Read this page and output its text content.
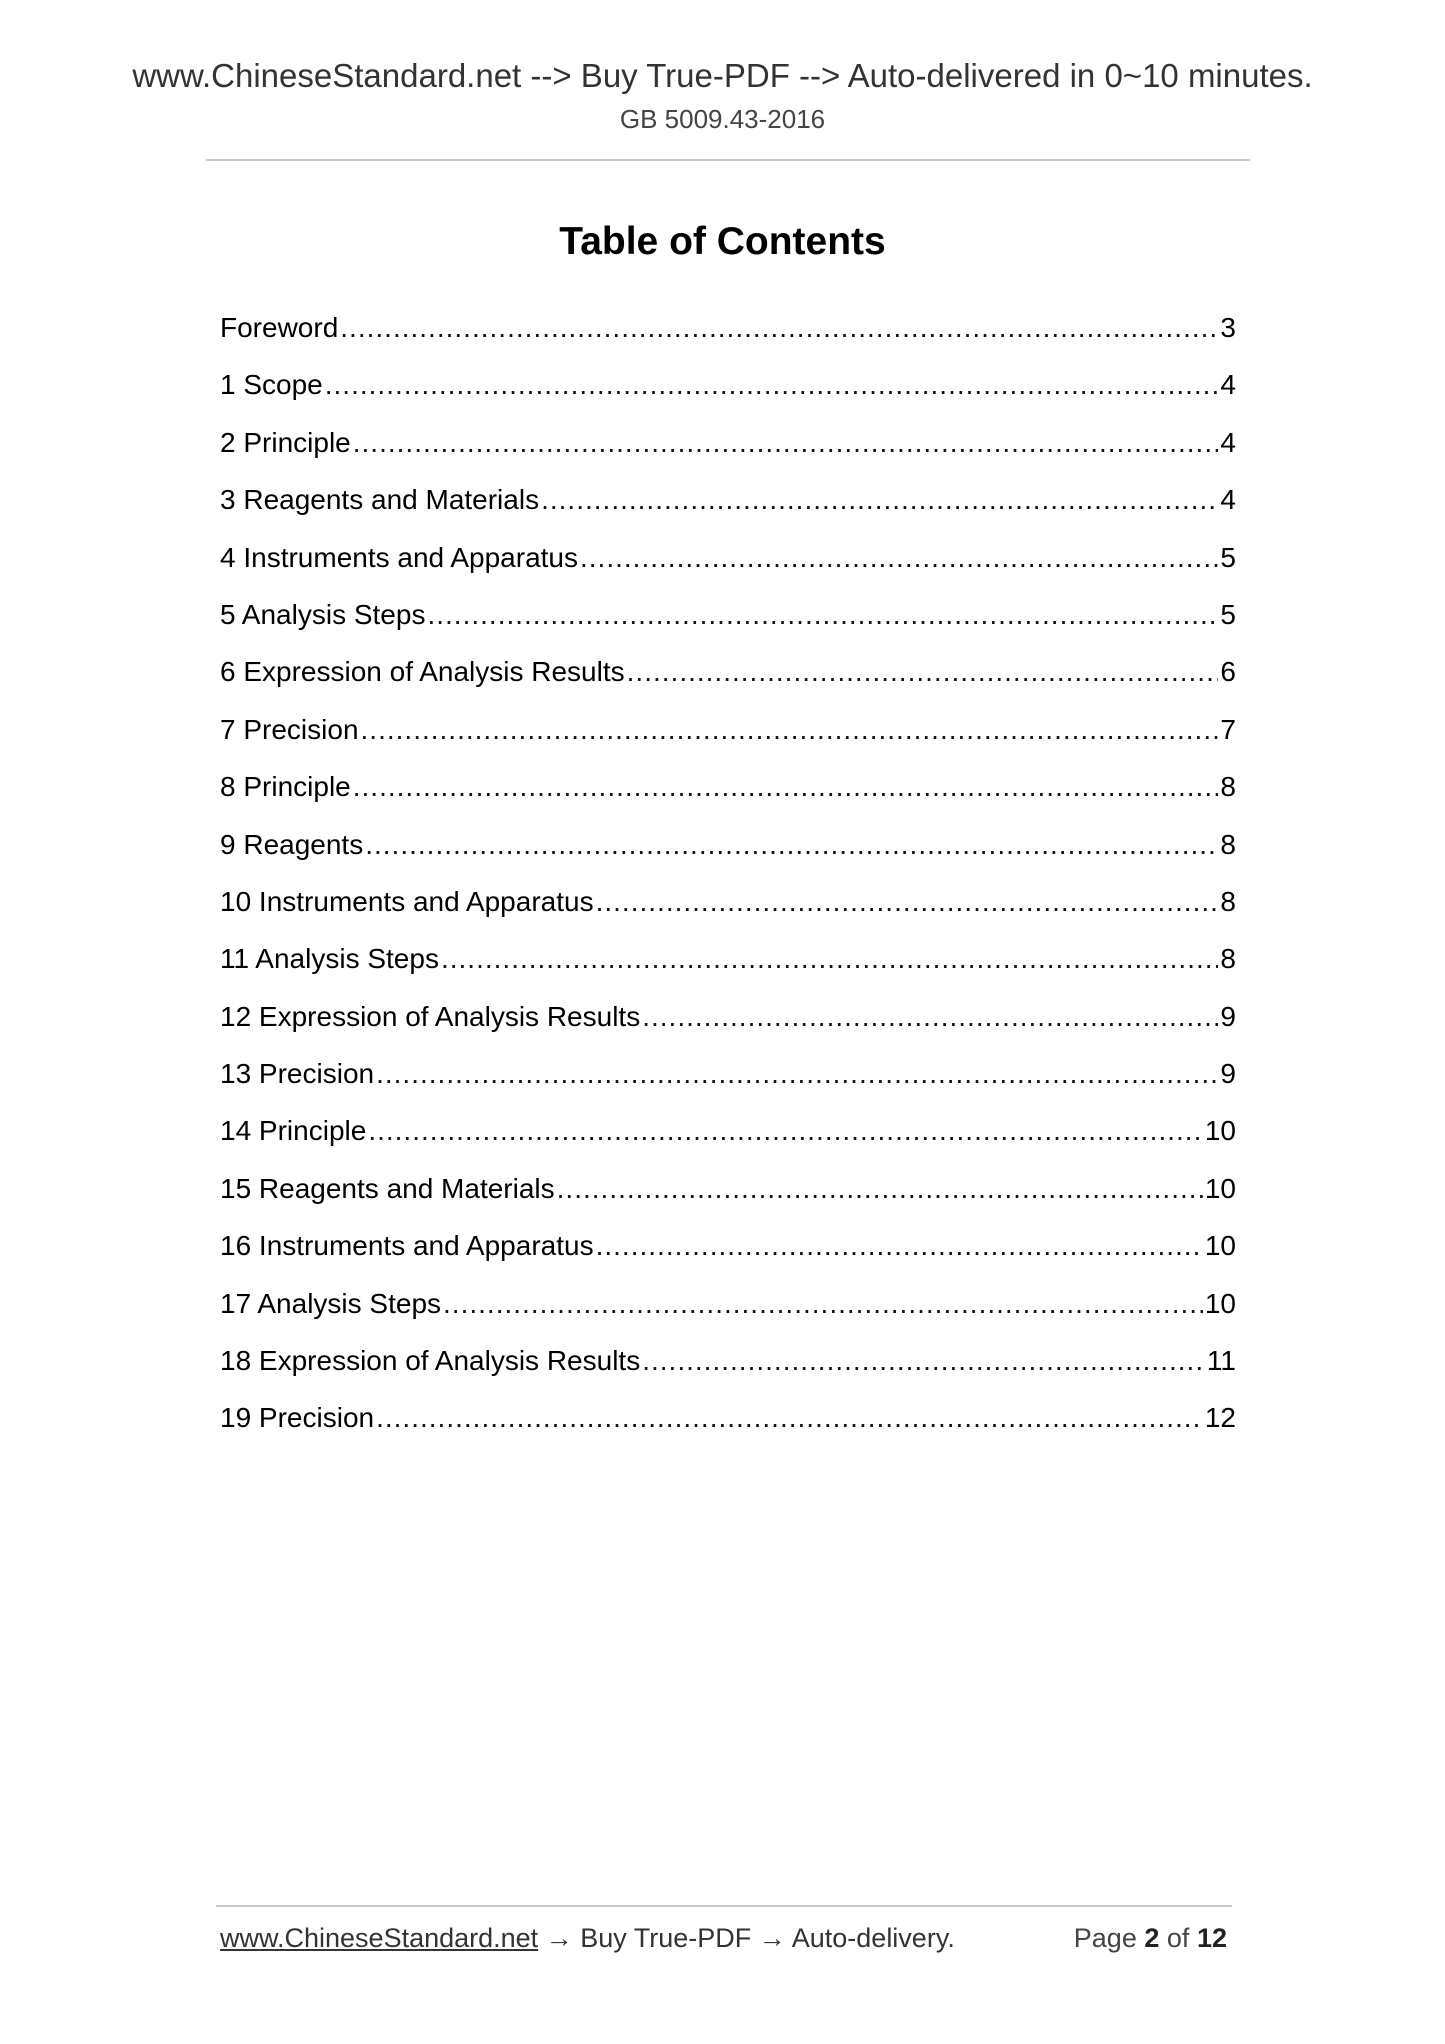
www.ChineseStandard.net --> Buy True-PDF --> Auto-delivered in 0~10 minutes.
GB 5009.43-2016
Table of Contents
Foreword .....	3
1 Scope .....	4
2 Principle .....	4
3 Reagents and Materials .....	4
4 Instruments and Apparatus .....	5
5 Analysis Steps .....	5
6 Expression of Analysis Results .....	6
7 Precision .....	7
8 Principle .....	8
9 Reagents .....	8
10 Instruments and Apparatus .....	8
11 Analysis Steps .....	8
12 Expression of Analysis Results .....	9
13 Precision .....	9
14 Principle .....	10
15 Reagents and Materials .....	10
16 Instruments and Apparatus .....	10
17 Analysis Steps .....	10
18 Expression of Analysis Results .....	11
19 Precision .....	12
www.ChineseStandard.net → Buy True-PDF → Auto-delivery.	Page 2 of 12
